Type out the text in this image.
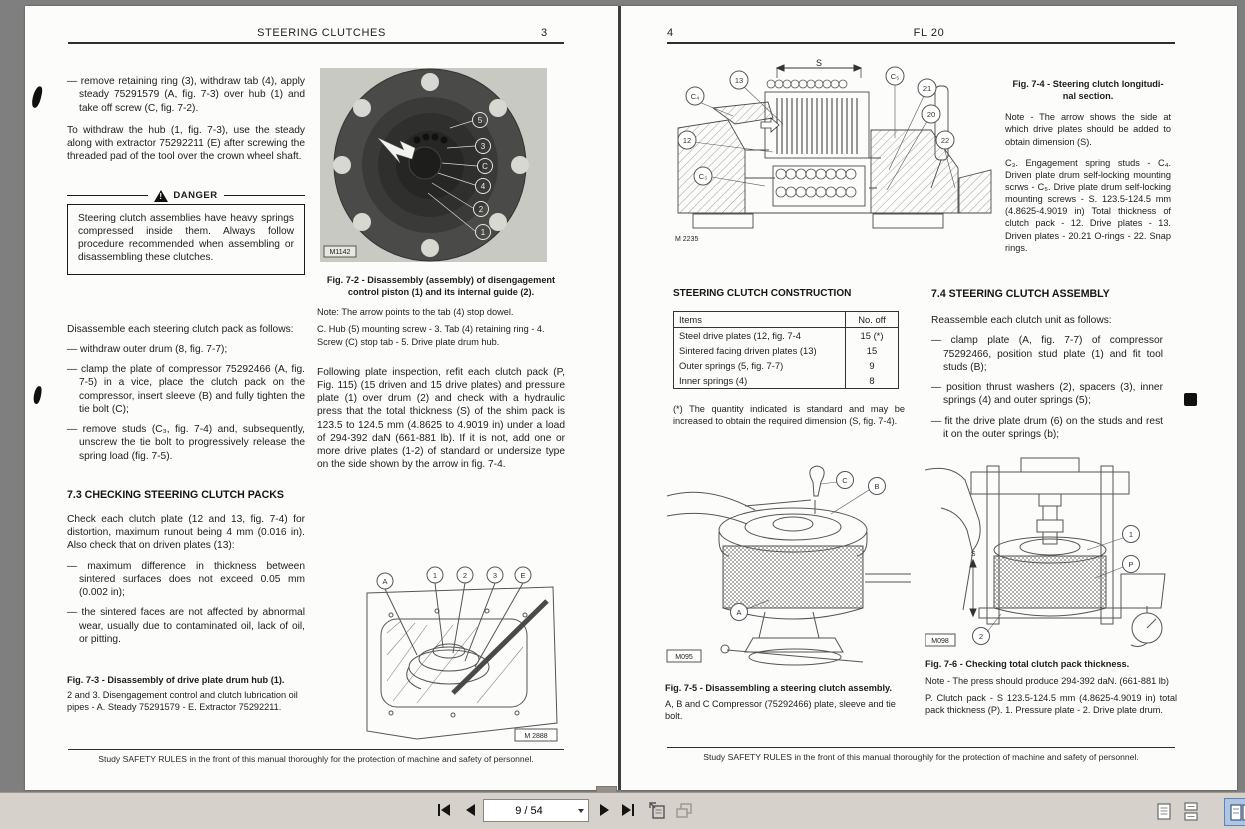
STEERING CLUTCHES	3
— remove retaining ring (3), withdraw tab (4), apply steady 75291579 (A, fig. 7-3) over hub (1) and take off screw (C, fig. 7-2).
To withdraw the hub (1, fig. 7-3), use the steady along with extractor 75292211 (E) after screwing the threaded pad of the tool over the crown wheel shaft.
!
DANGER
Steering clutch assemblies have heavy springs compressed inside them. Always follow procedure recommended when assembling or disassembling these clutches.
Disassemble each steering clutch pack as follows:
— withdraw outer drum (8, fig. 7-7);
— clamp the plate of compressor 75292466 (A, fig. 7-5) in a vice, place the clutch pack on the compressor, insert sleeve (B) and fully tighten the tie bolt (C);
— remove studs (C₃, fig. 7-4) and, subsequently, unscrew the tie bolt to progressively release the spring load (fig. 7-5).
7.3 CHECKING STEERING CLUTCH PACKS
Check each clutch plate (12 and 13, fig. 7-4) for distortion, maximum runout being 4 mm (0.016 in). Also check that on driven plates (13):
— maximum difference in thickness between sintered surfaces does not exceed 0.05 mm (0.002 in);
— the sintered faces are not affected by abnormal wear, usually due to contaminated oil, lack of oil, or pitting.
Fig. 7-3 - Disassembly of drive plate drum hub (1).
2 and 3. Disengagement control and clutch lubrication oil pipes - A. Steady 75291579 - E. Extractor 75292211.
5
3
C
4
2
1
M1142
Fig. 7-2 - Disassembly (assembly) of disengagement control piston (1) and its internal guide (2).
Note: The arrow points to the tab (4) stop dowel.
C. Hub (5) mounting screw - 3. Tab (4) retaining ring - 4. Screw (C) stop tab - 5. Drive plate drum hub.
Following plate inspection, refit each clutch pack (P, Fig. 115) (15 driven and 15 drive plates) and pressure plate (1) over drum (2) and check with a hydraulic press that the total thickness (S) of the shim pack is 123.5 to 124.5 mm (4.8625 to 4.9019 in) under a load of 294-392 daN (661-881 lb). If it is not, add one or more drive plates (1-2) of standard or undersize type on the side shown by the arrow in fig. 7-4.
A
1	2	3	E
M 2888
Study SAFETY RULES in the front of this manual thoroughly for the protection of machine and safety of personnel.
4	FL 20
S
C₄
13
12
C₃
C₅
21
20
22
M 2235
Fig. 7-4 - Steering clutch longitudi-
nal section.
Note - The arrow shows the side at which drive plates should be added to obtain dimension (S).
C₃. Engagement spring studs - C₄. Driven plate drum self-locking mounting scrws - C₅. Drive plate drum self-locking mounting screws - S. 123.5-124.5 mm (4.8625-4.9019 in) Total thickness of clutch pack - 12. Drive plates - 13. Driven plates - 20.21 O-rings - 22. Snap rings.
STEERING CLUTCH CONSTRUCTION
Items	No. off
Steel drive plates (12, fig. 7-4	15 (*)
Sintered facing driven plates (13)	15
Outer springs (5, fig. 7-7)	9
Inner springs (4)	8
(*) The quantity indicated is standard and may be increased to obtain the required dimension (S, fig. 7-4).
7.4 STEERING CLUTCH ASSEMBLY
Reassemble each clutch unit as follows:
— clamp plate (A, fig. 7-7) of compressor 75292466, position stud plate (1) and fit tool studs (B);
— position thrust washers (2), spacers (3), inner springs (4) and outer springs (5);
— fit the drive plate drum (6) on the studs and rest it on the outer springs (b);
C
B
A
M095
Fig. 7-5 - Disassembling a steering clutch assembly.
A, B and C Compressor (75292466) plate, sleeve and tie bolt.
1
P
S
2
M098
Fig. 7-6 - Checking total clutch pack thickness.
Note - The press should produce 294-392 daN. (661-881 lb)
P. Clutch pack - S 123.5-124.5 mm (4.8625-4.9019 in) total pack thickness (P). 1. Pressure plate - 2. Drive plate drum.
Study SAFETY RULES in the front of this manual thoroughly for the protection of machine and safety of personnel.
9 / 54
